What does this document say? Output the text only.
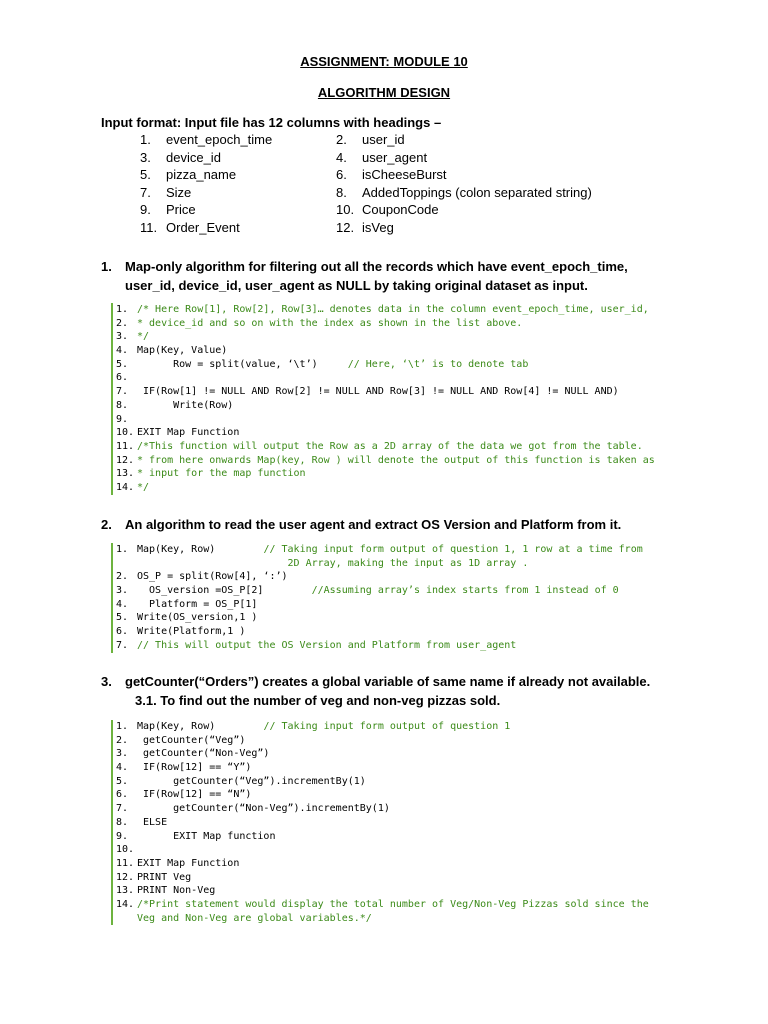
ASSIGNMENT: MODULE 10
ALGORITHM DESIGN
Input format: Input file has 12 columns with headings –
1. event_epoch_time	2. user_id
3. device_id	4. user_agent
5. pizza_name	6. isCheeseBurst
7. Size	8. AddedToppings (colon separated string)
9. Price	10. CouponCode
11. Order_Event	12. isVeg
1.	Map-only algorithm for filtering out all the records which have event_epoch_time, user_id, device_id, user_agent as NULL by taking original dataset as input.
1. /* Here Row[1], Row[2], Row[3]… denotes data in the column event_epoch_time, user_id,
2. * device_id and so on with the index as shown in the list above.
3. */
4. Map(Key, Value)
5.      Row = split(value, ‘\t’)     // Here, ‘\t’ is to denote tab
6.
7. IF(Row[1] != NULL AND Row[2] != NULL AND Row[3] != NULL AND Row[4] != NULL AND)
8.      Write(Row)
9.
10. EXIT Map Function
11. /*This function will output the Row as a 2D array of the data we got from the table.
12. * from here onwards Map(key, Row ) will denote the output of this function is taken as
13. * input for the map function
14. */
2.	An algorithm to read the user agent and extract OS Version and Platform from it.
1. Map(Key, Row)        // Taking input form output of question 1, 1 row at a time from
2D Array, making the input as 1D array .
2. OS_P = split(Row[4], ‘:’)
3.  OS_version =OS_P[2]        //Assuming array’s index starts from 1 instead of 0
4.  Platform = OS_P[1]
5. Write(OS_version,1 )
6. Write(Platform,1 )
7. // This will output the OS Version and Platform from user_agent
3.	getCounter(“Orders”) creates a global variable of same name if already not available.
3.1. To find out the number of veg and non-veg pizzas sold.
1. Map(Key, Row)        // Taking input form output of question 1
2. getCounter(“Veg”)
3. getCounter(“Non-Veg”)
4. IF(Row[12] == “Y”)
5.      getCounter(“Veg”).incrementBy(1)
6. IF(Row[12] == “N”)
7.      getCounter(“Non-Veg”).incrementBy(1)
8. ELSE
9.      EXIT Map function
10.
11. EXIT Map Function
12. PRINT Veg
13. PRINT Non-Veg
14. /*Print statement would display the total number of Veg/Non-Veg Pizzas sold since the
Veg and Non-Veg are global variables.*/
